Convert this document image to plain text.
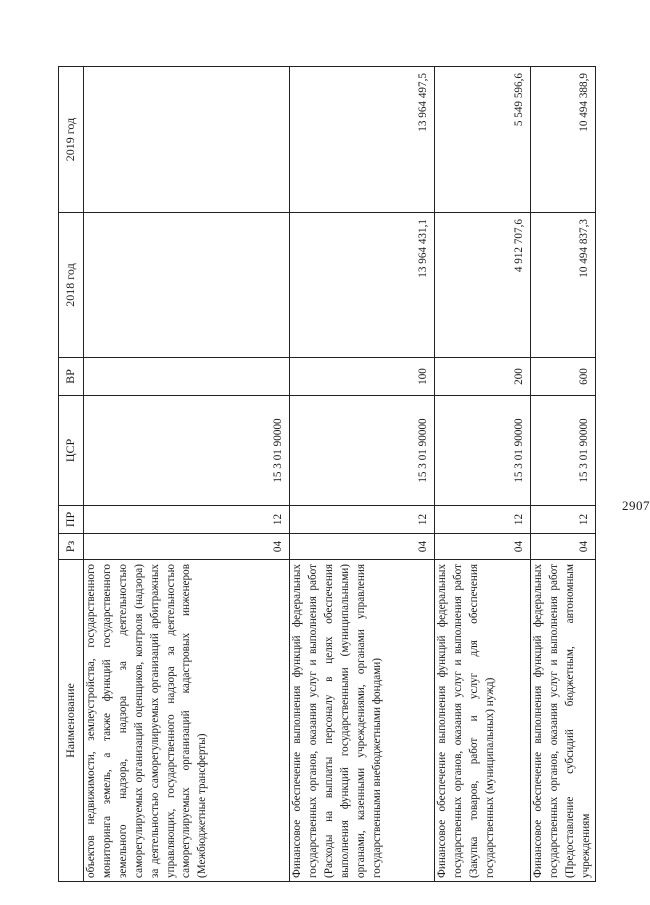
2907
Наименование	Рз	ПР	ЦСР	ВР	2018 год	2019 год
объектов недвижимости, землеустройства, государственного мониторинга земель, а также функций государственного земельного надзора, надзора за деятельностью саморегулируемых организаций оценщиков, контроля (надзора) за деятельностью саморегулируемых организаций арбитражных управляющих, государственного надзора за деятельностью саморегулируемых организаций кадастровых инженеров (Межбюджетные трансферты)	04	12	15 3 01 90000			
Финансовое обеспечение выполнения функций федеральных государственных органов, оказания услуг и выполнения работ (Расходы на выплаты персоналу в целях обеспечения выполнения функций государственными (муниципальными) органами, казенными учреждениями, органами управления государственными внебюджетными фондами)	04	12	15 3 01 90000	100	13 964 431,1	13 964 497,5
Финансовое обеспечение выполнения функций федеральных государственных органов, оказания услуг и выполнения работ (Закупка товаров, работ и услуг для обеспечения государственных (муниципальных) нужд)	04	12	15 3 01 90000	200	4 912 707,6	5 549 596,6
Финансовое обеспечение выполнения функций федеральных государственных органов, оказания услуг и выполнения работ (Предоставление субсидий бюджетным, автономным учреждениям	04	12	15 3 01 90000	600	10 494 837,3	10 494 388,9
